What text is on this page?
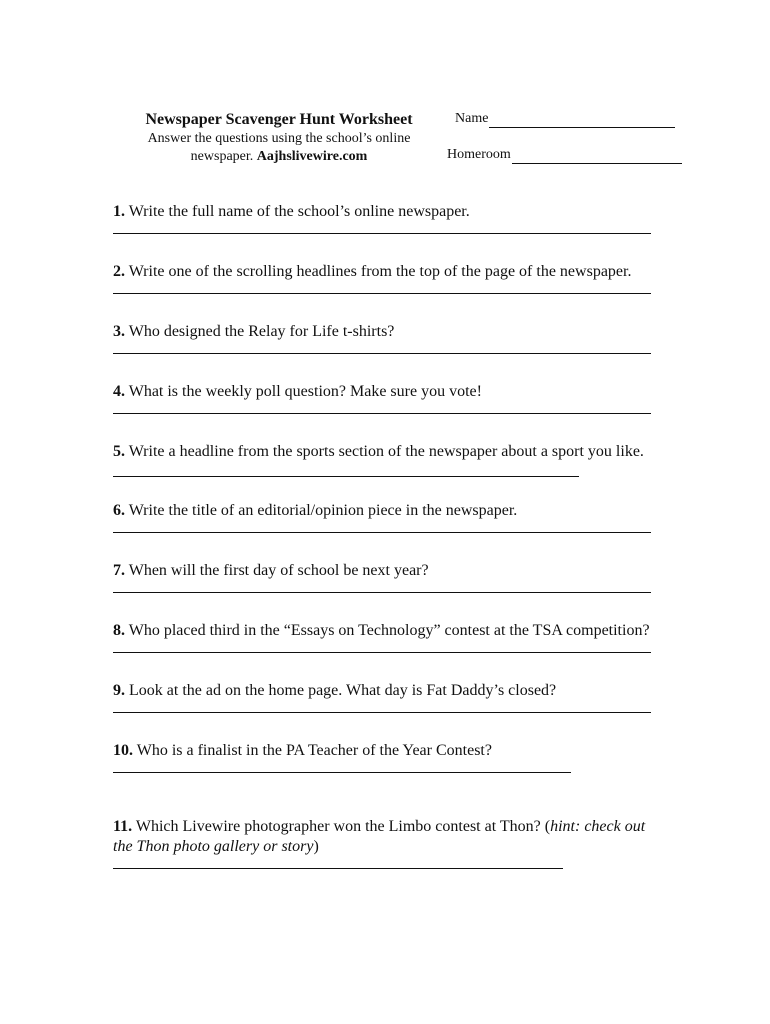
Newspaper Scavenger Hunt Worksheet

Answer the questions using the school’s online

newspaper. Aajhslivewire.com

Name
Homeroom
1. Write the full name of the school’s online newspaper.
2. Write one of the scrolling headlines from the top of the page of the newspaper.
3. Who designed the Relay for Life t-shirts?
4. What is the weekly poll question? Make sure you vote!
5. Write a headline from the sports section of the newspaper about a sport you like.
6. Write the title of an editorial/opinion piece in the newspaper.
7. When will the first day of school be next year?
8. Who placed third in the “Essays on Technology” contest at the TSA competition?
9. Look at the ad on the home page. What day is Fat Daddy’s closed?
10. Who is a finalist in the PA Teacher of the Year Contest?
11. Which Livewire photographer won the Limbo contest at Thon? (hint: check out the Thon photo gallery or story)
